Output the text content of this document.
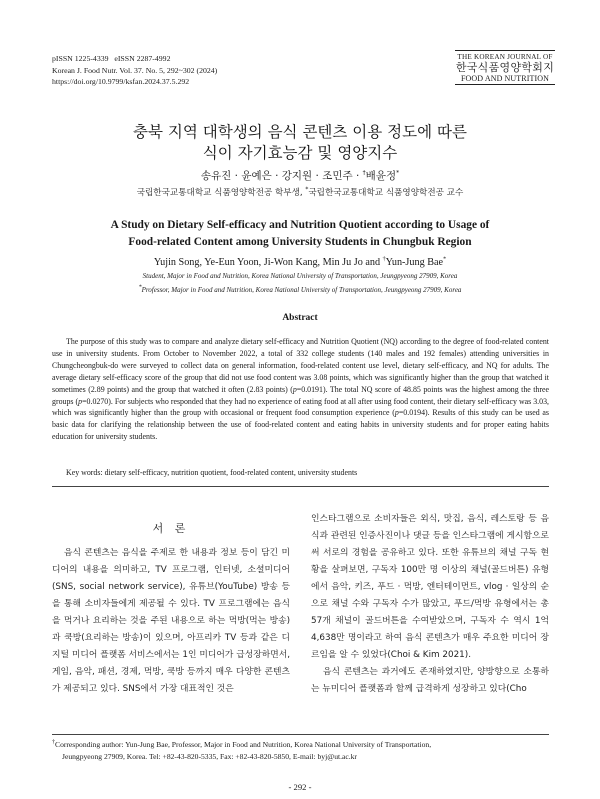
pISSN 1225-4339   eISSN 2287-4992
Korean J. Food Nutr. Vol. 37. No. 5, 292~302 (2024)
https://doi.org/10.9799/ksfan.2024.37.5.292
THE KOREAN JOURNAL OF
한국식품영양학회지
FOOD AND NUTRITION
충북 지역 대학생의 음식 콘텐츠 이용 정도에 따른
식이 자기효능감 및 영양지수
송유진 · 윤예은 · 강지원 · 조민주 · †배윤정*
국립한국교통대학교 식품영양학전공 학부생, *국립한국교통대학교 식품영양학전공 교수
A Study on Dietary Self-efficacy and Nutrition Quotient according to Usage of
Food-related Content among University Students in Chungbuk Region
Yujin Song, Ye-Eun Yoon, Ji-Won Kang, Min Ju Jo and †Yun-Jung Bae*
Student, Major in Food and Nutrition, Korea National University of Transportation, Jeungpyeong 27909, Korea
*Professor, Major in Food and Nutrition, Korea National University of Transportation, Jeungpyeong 27909, Korea
Abstract
The purpose of this study was to compare and analyze dietary self-efficacy and Nutrition Quotient (NQ) according to the degree of food-related content use in university students. From October to November 2022, a total of 332 college students (140 males and 192 females) attending universities in Chungcheongbuk-do were surveyed to collect data on general information, food-related content use level, dietary self-efficacy, and NQ for adults. The average dietary self-efficacy score of the group that did not use food content was 3.08 points, which was significantly higher than the group that watched it sometimes (2.89 points) and the group that watched it often (2.83 points) (p=0.0191). The total NQ score of 48.85 points was the highest among the three groups (p=0.0270). For subjects who responded that they had no experience of eating food at all after using food content, their dietary self-efficacy was 3.03, which was significantly higher than the group with occasional or frequent food consumption experience (p=0.0194). Results of this study can be used as basic data for clarifying the relationship between the use of food-related content and eating habits in university students and for proper eating habits education for university students.
Key words: dietary self-efficacy, nutrition quotient, food-related content, university students
서 론

음식 콘텐츠는 음식을 주제로 한 내용과 정보 등이 담긴 미디어의 내용을 의미하고, TV 프로그램, 인터넷, 소셜미디어(SNS, social network service), 유튜브(YouTube) 방송 등을 통해 소비자들에게 제공될 수 있다. TV 프로그램에는 음식을 먹거나 요리하는 것을 주된 내용으로 하는 먹방(먹는 방송)과 쿡방(요리하는 방송)이 있으며, 아프리카 TV 등과 같은 디지털 미디어 플랫폼 서비스에서는 1인 미디어가 급성장하면서, 게임, 음악, 패션, 경제, 먹방, 쿡방 등까지 매우 다양한 콘텐츠가 제공되고 있다. SNS에서 가장 대표적인 것은

인스타그램으로 소비자들은 외식, 맛집, 음식, 레스토랑 등 음식과 관련된 인증사진이나 댓글 등을 인스타그램에 게시함으로써 서로의 경험을 공유하고 있다. 또한 유튜브의 채널 구독 현황을 살펴보면, 구독자 100만 명 이상의 채널(골드버튼) 유형에서 음악, 키즈, 푸드 · 먹방, 엔터테이먼트, vlog · 일상의 순으로 채널 수와 구독자 수가 많았고, 푸드/먹방 유형에서는 총 57개 채널이 골드버튼을 수여받았으며, 구독자 수 역시 1억 4,638만 명이라고 하여 음식 콘텐츠가 매우 주요한 미디어 장르임을 알 수 있었다(Choi & Kim 2021).

음식 콘텐츠는 과거에도 존재하였지만, 양방향으로 소통하는 뉴미디어 플랫폼과 함께 급격하게 성장하고 있다(Cho

†Corresponding author: Yun-Jung Bae, Professor, Major in Food and Nutrition, Korea National University of Transportation,
Jeungpyeong 27909, Korea. Tel: +82-43-820-5335, Fax: +82-43-820-5850, E-mail: byj@ut.ac.kr
- 292 -
